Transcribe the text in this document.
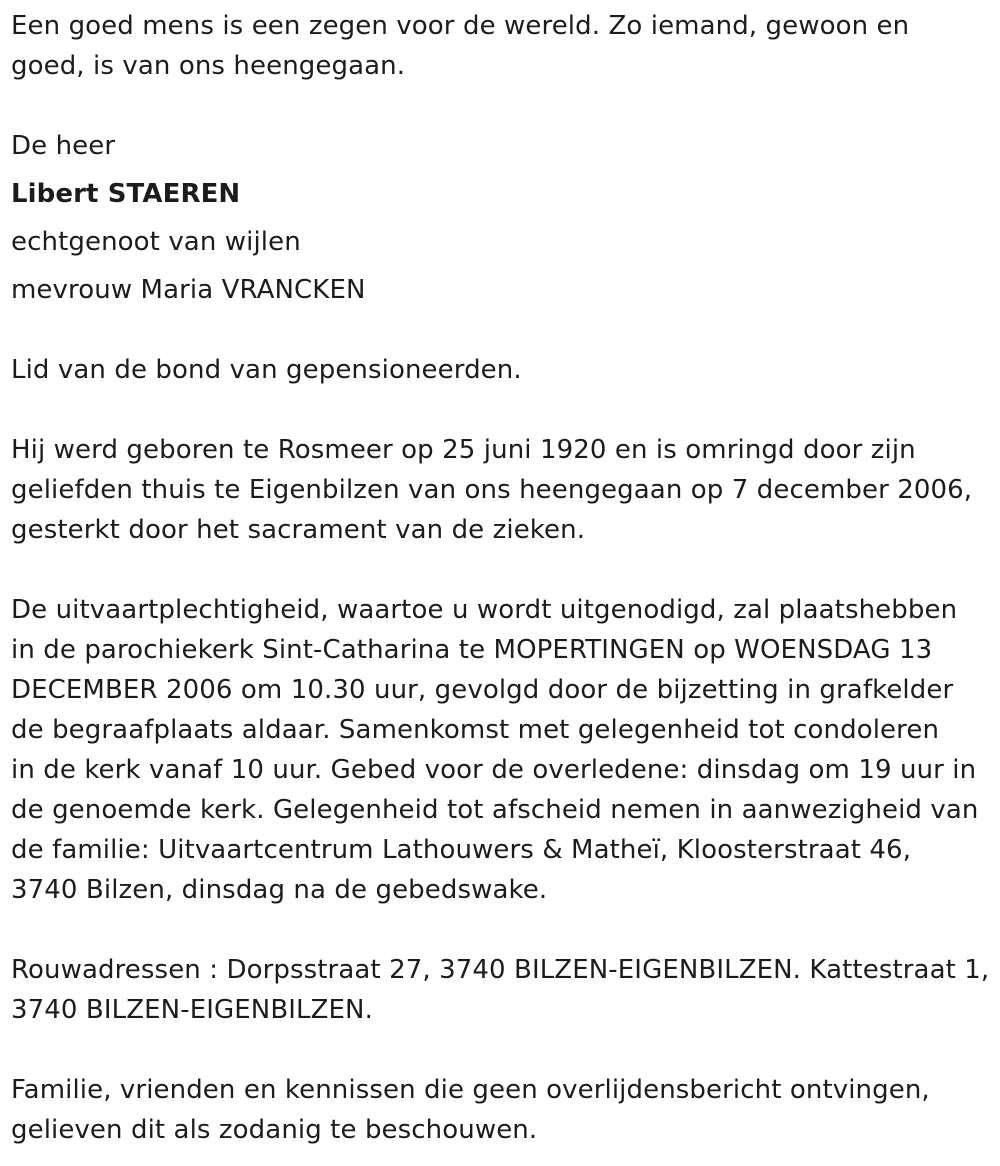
Een goed mens is een zegen voor de wereld. Zo iemand, gewoon en

goed, is van ons heengegaan.

De heer

Libert STAEREN

echtgenoot van wijlen

mevrouw Maria VRANCKEN

Lid van de bond van gepensioneerden.

Hij werd geboren te Rosmeer op 25 juni 1920 en is omringd door zijn

geliefden thuis te Eigenbilzen van ons heengegaan op 7 december 2006,

gesterkt door het sacrament van de zieken.

De uitvaartplechtigheid, waartoe u wordt uitgenodigd, zal plaatshebben

in de parochiekerk Sint-Catharina te MOPERTINGEN op WOENSDAG 13

DECEMBER 2006 om 10.30 uur, gevolgd door de bijzetting in grafkelder

de begraafplaats aldaar. Samenkomst met gelegenheid tot condoleren

in de kerk vanaf 10 uur. Gebed voor de overledene: dinsdag om 19 uur in

de genoemde kerk. Gelegenheid tot afscheid nemen in aanwezigheid van

de familie: Uitvaartcentrum Lathouwers & Matheï, Kloosterstraat 46,

3740 Bilzen, dinsdag na de gebedswake.

Rouwadressen : Dorpsstraat 27, 3740 BILZEN-EIGENBILZEN. Kattestraat 1,

3740 BILZEN-EIGENBILZEN.

Familie, vrienden en kennissen die geen overlijdensbericht ontvingen,

gelieven dit als zodanig te beschouwen.
